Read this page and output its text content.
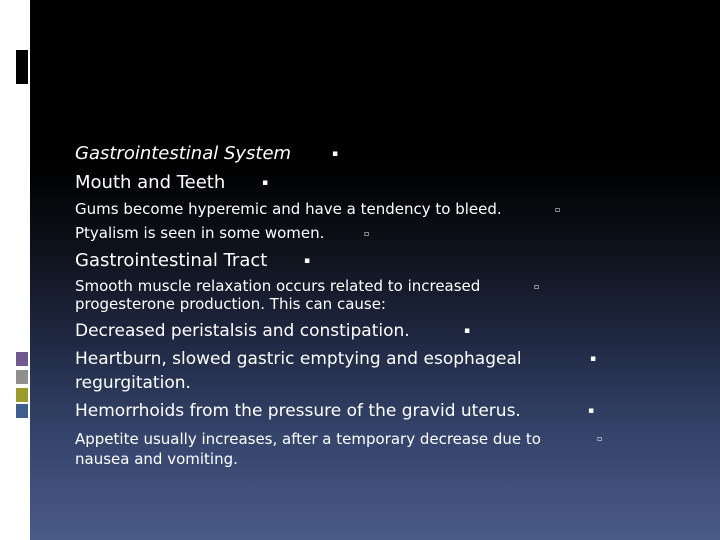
Gastrointestinal System	▪
Mouth and Teeth	▪
Gums become hyperemic and have a tendency to bleed.	▫
Ptyalism is seen in some women.	▫
Gastrointestinal Tract	▪
Smooth muscle relaxation occurs related to increased	▫
progesterone production. This can cause:
Decreased peristalsis and constipation.	▪
Heartburn, slowed gastric emptying and esophageal	▪
regurgitation.
Hemorrhoids from the pressure of the gravid uterus.	▪
Appetite usually increases, after a temporary decrease due to	▫
nausea and vomiting.
